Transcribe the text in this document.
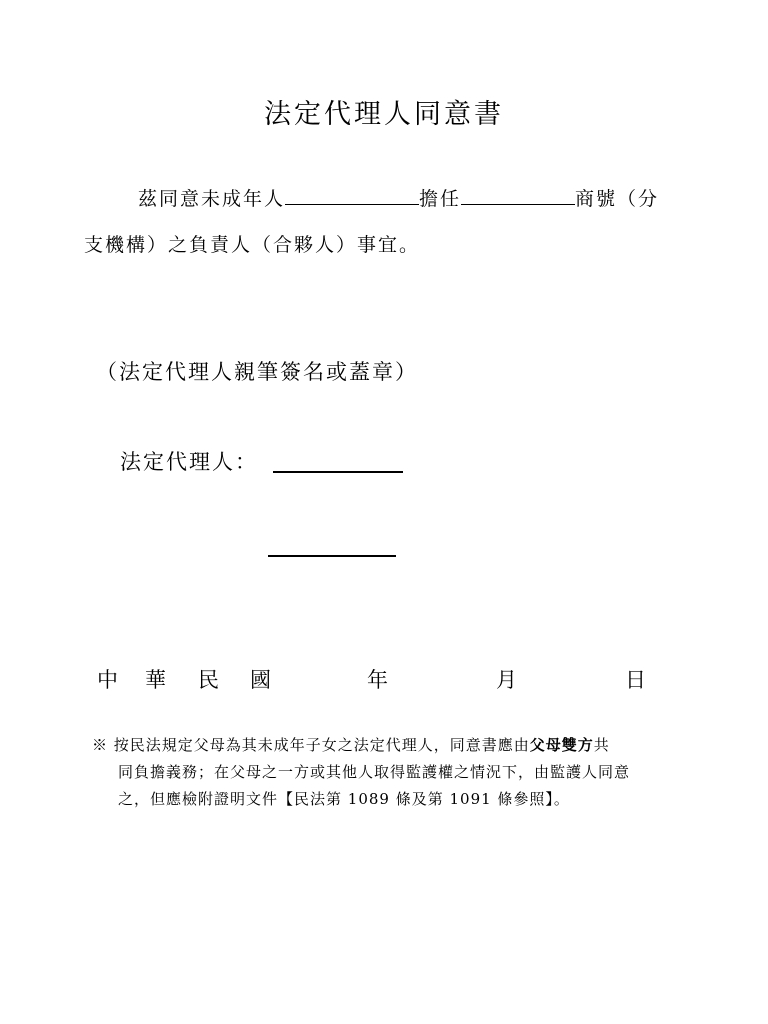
法定代理人同意書
茲同意未成年人	擔任	商號（分
支機構）之負責人（合夥人）事宜。
（法定代理人親筆簽名或蓋章）
法定代理人：
中 華 民 國	年	月	日
※ 按民法規定父母為其未成年子女之法定代理人，同意書應由父母雙方共
同負擔義務；在父母之一方或其他人取得監護權之情況下，由監護人同意
之，但應檢附證明文件【民法第 1089 條及第 1091 條參照】。
